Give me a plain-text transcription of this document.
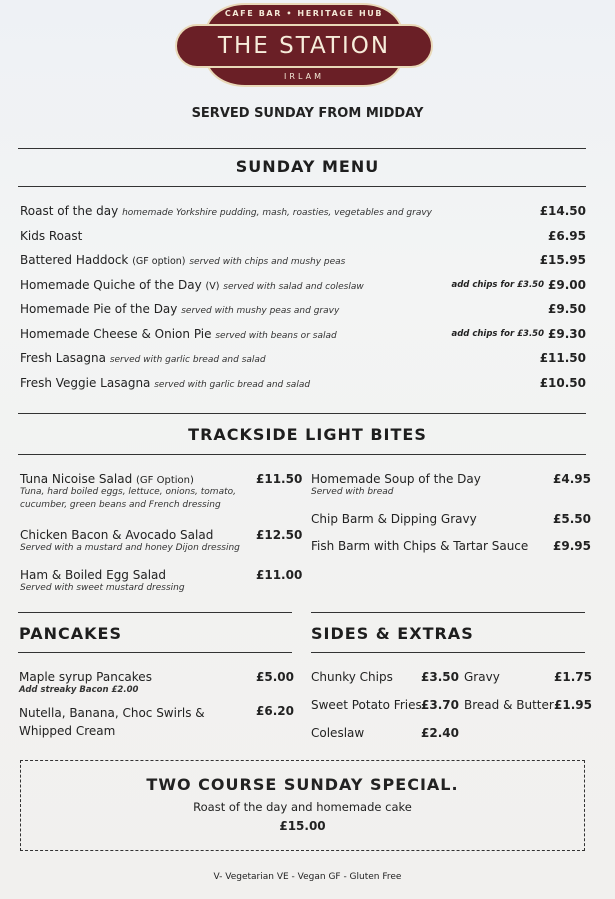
CAFE BAR • HERITAGE HUB
THE STATION
IRLAM
SERVED SUNDAY FROM MIDDAY
SUNDAY MENU
Roast of the day homemade Yorkshire pudding, mash, roasties, vegetables and gravy	£14.50
Kids Roast	£6.95
Battered Haddock (GF option) served with chips and mushy peas	£15.95
Homemade Quiche of the Day (V) served with salad and coleslaw	add chips for £3.50 £9.00
Homemade Pie of the Day served with mushy peas and gravy	£9.50
Homemade Cheese & Onion Pie served with beans or salad	add chips for £3.50 £9.30
Fresh Lasagna served with garlic bread and salad	£11.50
Fresh Veggie Lasagna served with garlic bread and salad	£10.50
TRACKSIDE LIGHT BITES
Tuna Nicoise Salad (GF Option)
Tuna, hard boiled eggs, lettuce, onions, tomato, cucumber, green beans and French dressing
£11.50
Chicken Bacon & Avocado Salad
Served with a mustard and honey Dijon dressing
£12.50
Ham & Boiled Egg Salad
Served with sweet mustard dressing
£11.00
Homemade Soup of the Day
Served with bread
£4.95
Chip Barm & Dipping Gravy	£5.50
Fish Barm with Chips & Tartar Sauce £9.95
PANCAKES	SIDES & EXTRAS
Maple syrup Pancakes
Add streaky Bacon £2.00
£5.00
Nutella, Banana, Choc Swirls & Whipped Cream
£6.20
Chunky Chips £3.50 Gravy	£1.75
Sweet Potato Fries £3.70 Bread & Butter £1.95
Coleslaw	£2.40
TWO COURSE SUNDAY SPECIAL.
Roast of the day and homemade cake
£15.00
V- Vegetarian VE - Vegan GF - Gluten Free
